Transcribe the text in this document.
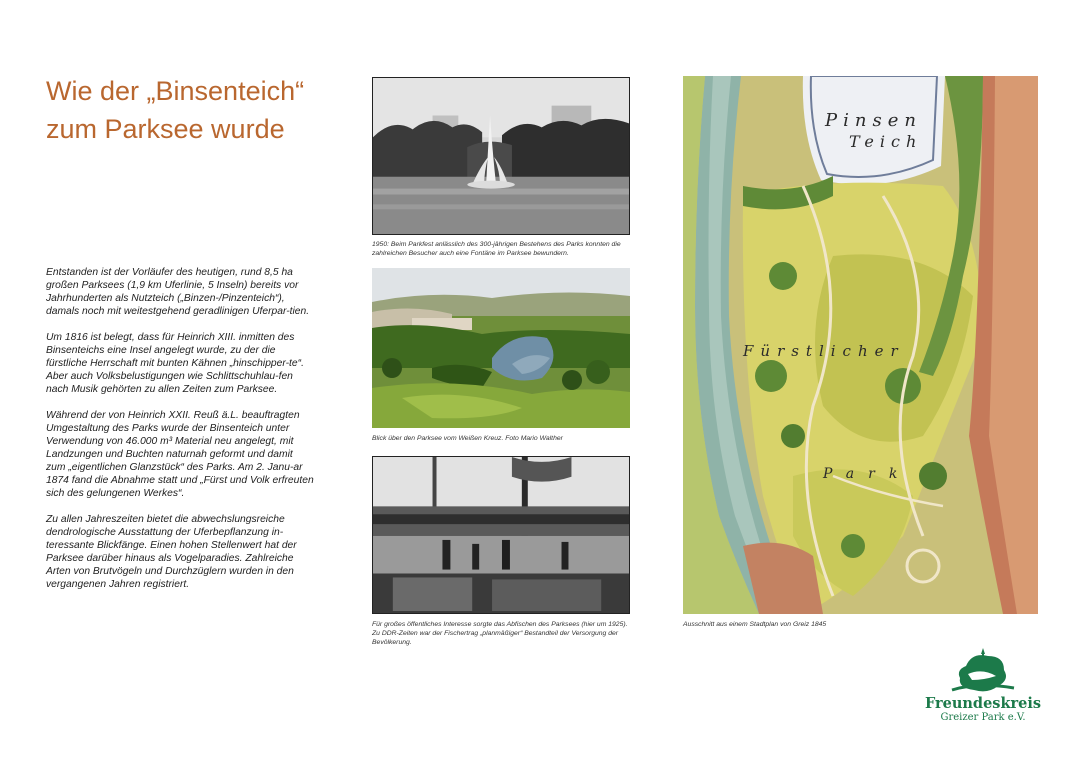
Wie der „Binsenteich“
zum Parksee wurde

Entstanden ist der Vorläufer des heutigen, rund 8,5 ha großen Parksees (1,9 km Uferlinie, 5 Inseln) bereits vor Jahrhunderten als Nutzteich („Binzen-/Pinzenteich“), damals noch mit weitestgehend geradlinigen Uferpar-tien.

Um 1816 ist belegt, dass für Heinrich XIII. inmitten des Binsenteichs eine Insel angelegt wurde, zu der die fürstliche Herrschaft mit bunten Kähnen „hinschipper-te“. Aber auch Volksbelustigungen wie Schlittschuhlau-fen nach Musik gehörten zu allen Zeiten zum Parksee.

Während der von Heinrich XXII. Reuß ä.L. beauftragten Umgestaltung des Parks wurde der Binsenteich unter Verwendung von 46.000 m³ Material neu angelegt, mit Landzungen und Buchten naturnah geformt und damit zum „eigentlichen Glanzstück“ des Parks. Am 2. Janu-ar 1874 fand die Abnahme statt und „Fürst und Volk erfreuten sich des gelungenen Werkes“.

Zu allen Jahreszeiten bietet die abwechslungsreiche dendrologische Ausstattung der Uferbepflanzung in-teressante Blickfänge. Einen hohen Stellenwert hat der Parksee darüber hinaus als Vogelparadies. Zahlreiche Arten von Brutvögeln und Durchzüglern wurden in den vergangenen Jahren registriert.

1950: Beim Parkfest anlässlich des 300-jährigen Bestehens des Parks konnten die zahlreichen Besucher auch eine Fontäne im Parksee bewundern.
Blick über den Parksee vom Weißen Kreuz. Foto Mario Walther
Für großes öffentliches Interesse sorgte das Abfischen des Parksees (hier um 1925). Zu DDR-Zeiten war der Fischertrag „planmäßiger“ Bestandteil der Versorgung der Bevölkerung.
Pinsen
Teich
Fürstlicher
Park
Ausschnitt aus einem Stadtplan von Greiz 1845
Freundeskreis
Greizer Park e.V.
